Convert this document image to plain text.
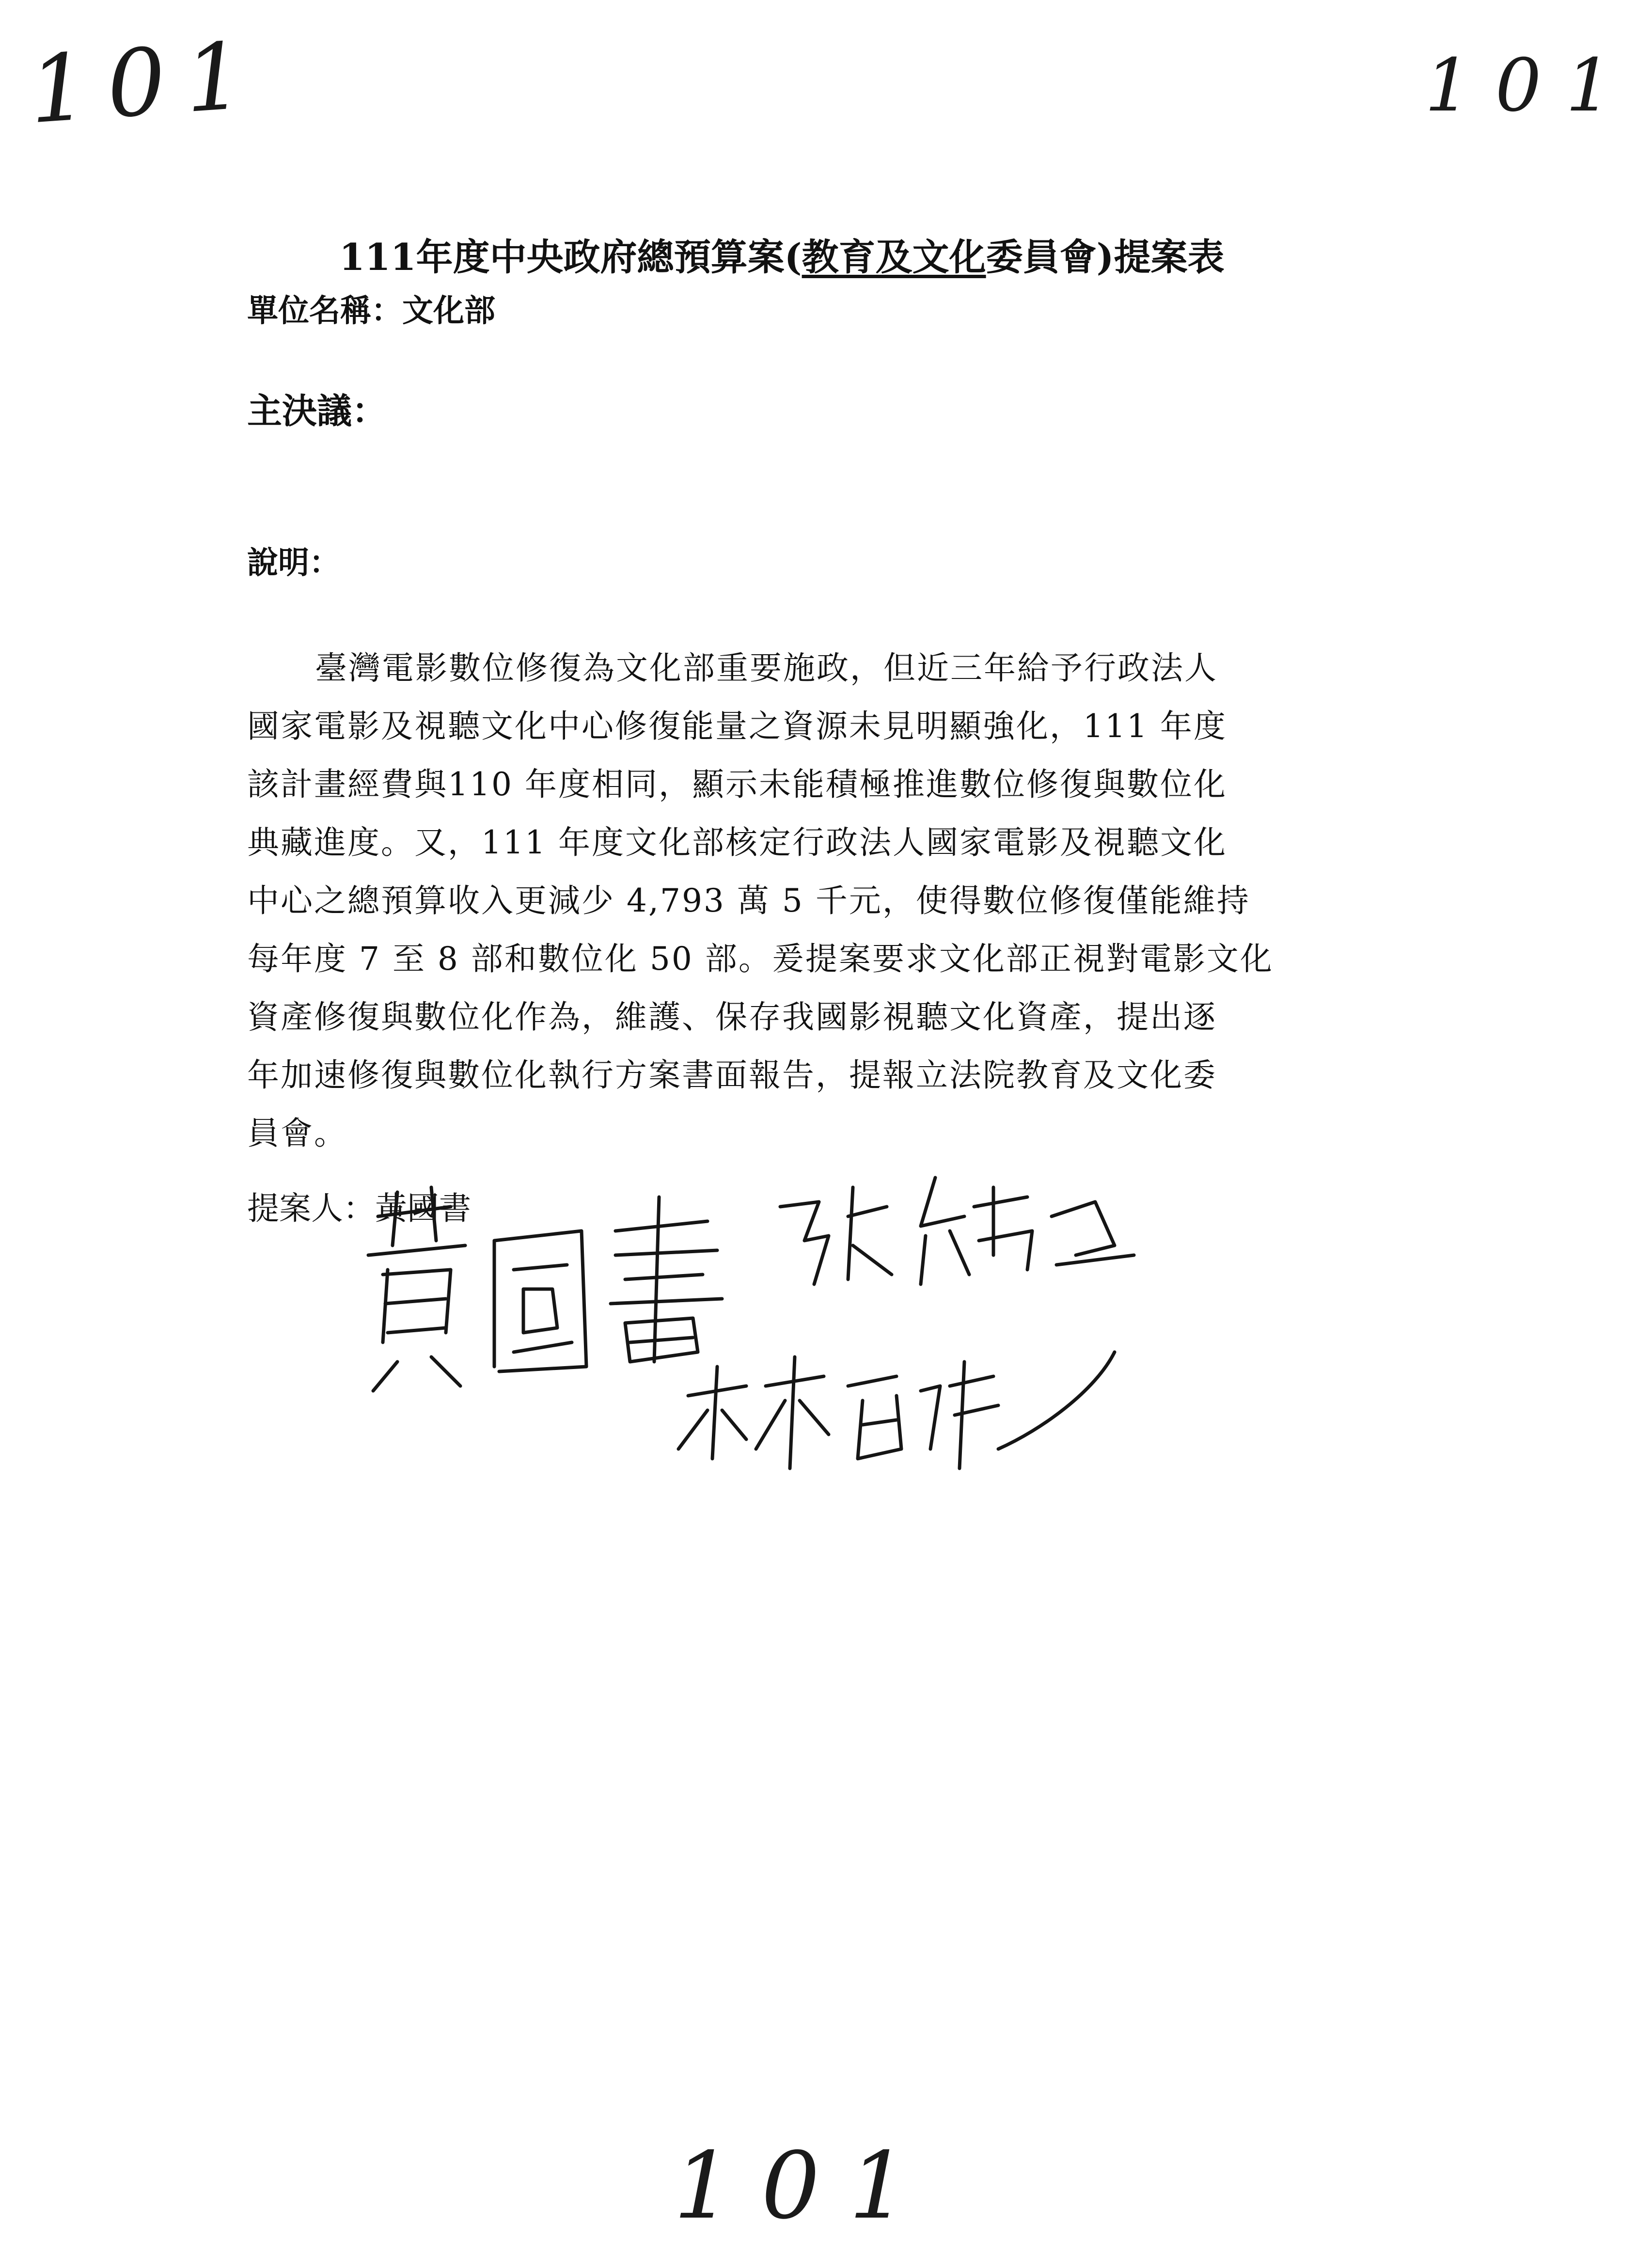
101	101
111年度中央政府總預算案(教育及文化委員會)提案表
單位名稱：文化部
主決議：
說明：
臺灣電影數位修復為文化部重要施政，但近三年給予行政法人
國家電影及視聽文化中心修復能量之資源未見明顯強化，111 年度
該計畫經費與110 年度相同，顯示未能積極推進數位修復與數位化
典藏進度。又，111 年度文化部核定行政法人國家電影及視聽文化
中心之總預算收入更減少 4,793 萬 5 千元，使得數位修復僅能維持
每年度 7 至 8 部和數位化 50 部。爰提案要求文化部正視對電影文化
資產修復與數位化作為，維護、保存我國影視聽文化資產，提出逐
年加速修復與數位化執行方案書面報告，提報立法院教育及文化委
員會。
提案人：黃國書
101
